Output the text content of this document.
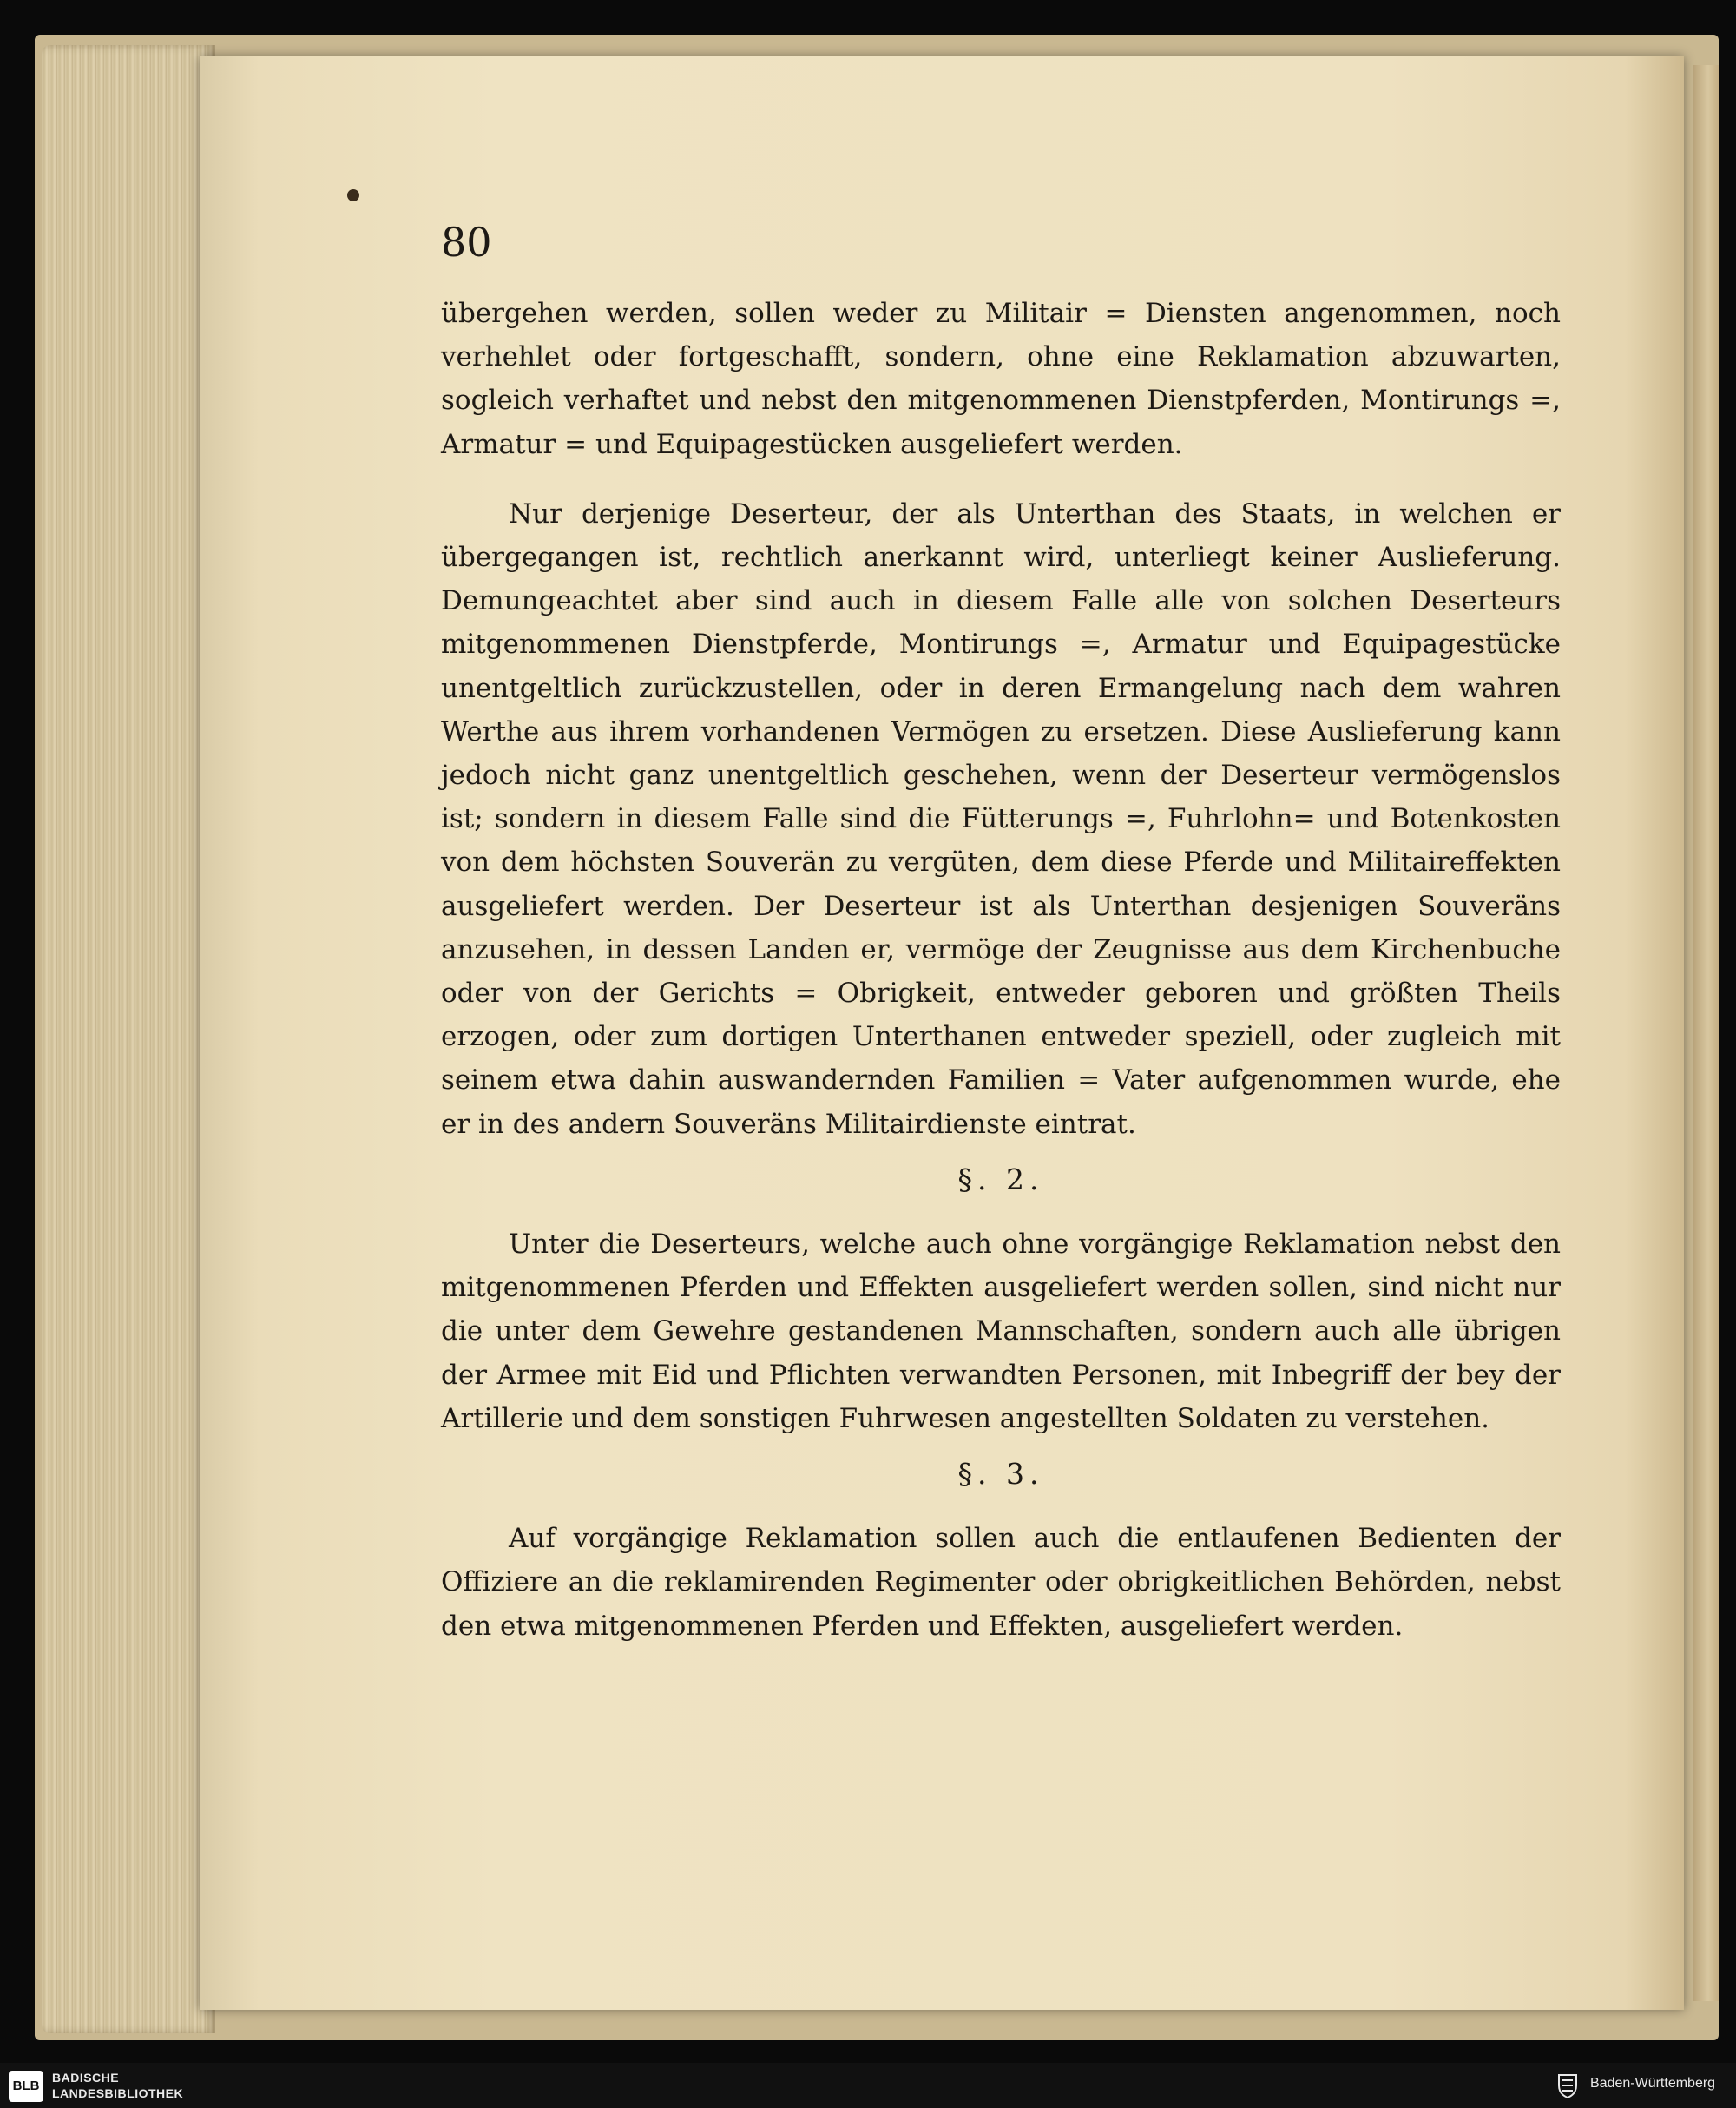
80

übergehen werden, sollen weder zu Militair = Diensten angenommen, noch verhehlet oder fortgeschafft, sondern, ohne eine Reklamation abzuwarten, sogleich verhaftet und nebst den mitgenommenen Dienstpferden, Montirungs =, Armatur = und Equipagestücken ausgeliefert werden.

Nur derjenige Deserteur, der als Unterthan des Staats, in welchen er übergegangen ist, rechtlich anerkannt wird, unterliegt keiner Auslieferung. Demungeachtet aber sind auch in diesem Falle alle von solchen Deserteurs mitgenommenen Dienstpferde, Montirungs =, Armatur und Equipagestücke unentgeltlich zurückzustellen, oder in deren Ermangelung nach dem wahren Werthe aus ihrem vorhandenen Vermögen zu ersetzen. Diese Auslieferung kann jedoch nicht ganz unentgeltlich geschehen, wenn der Deserteur vermögenslos ist; sondern in diesem Falle sind die Fütterungs =, Fuhrlohn= und Botenkosten von dem höchsten Souverän zu vergüten, dem diese Pferde und Militaireffekten ausgeliefert werden. Der Deserteur ist als Unterthan desjenigen Souveräns anzusehen, in dessen Landen er, vermöge der Zeugnisse aus dem Kirchenbuche oder von der Gerichts = Obrigkeit, entweder geboren und größten Theils erzogen, oder zum dortigen Unterthanen entweder speziell, oder zugleich mit seinem etwa dahin auswandernden Familien = Vater aufgenommen wurde, ehe er in des andern Souveräns Militairdienste eintrat.

§. 2.

Unter die Deserteurs, welche auch ohne vorgängige Reklamation nebst den mitgenommenen Pferden und Effekten ausgeliefert werden sollen, sind nicht nur die unter dem Gewehre gestandenen Mannschaften, sondern auch alle übrigen der Armee mit Eid und Pflichten verwandten Personen, mit Inbegriff der bey der Artillerie und dem sonstigen Fuhrwesen angestellten Soldaten zu verstehen.

§. 3.

Auf vorgängige Reklamation sollen auch die entlaufenen Bedienten der Offiziere an die reklamirenden Regimenter oder obrigkeitlichen Behörden, nebst den etwa mitgenommenen Pferden und Effekten, ausgeliefert werden.

BLB
BADISCHE
LANDESBIBLIOTHEK
Baden-Württemberg
